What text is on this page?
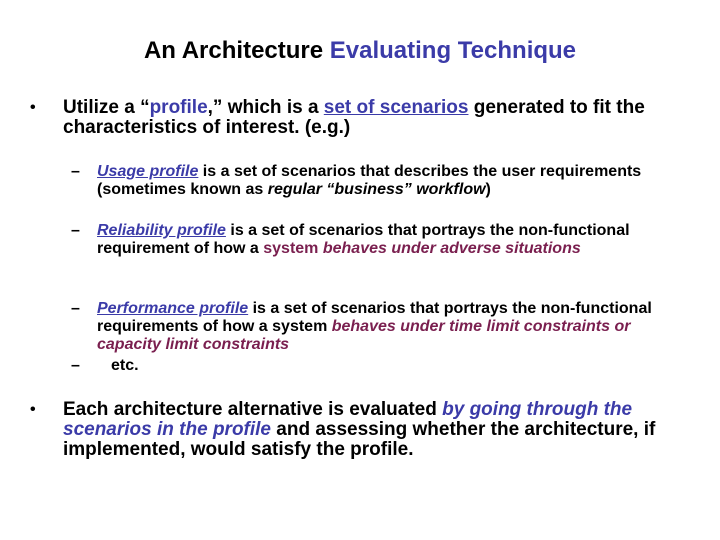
An Architecture Evaluating Technique
• Utilize a “profile,” which is a set of scenarios generated to fit the characteristics of interest. (e.g.)
– Usage profile is a set of scenarios that describes the user requirements (sometimes known as regular “business” workflow)
– Reliability profile is a set of scenarios that portrays the non-functional requirement of how a system behaves under adverse situations
– Performance profile is a set of scenarios that portrays the non-functional requirements of how a system behaves under time limit constraints or capacity limit constraints
– etc.
• Each architecture alternative is evaluated by going through the scenarios in the profile and assessing whether the architecture, if implemented, would satisfy the profile.
